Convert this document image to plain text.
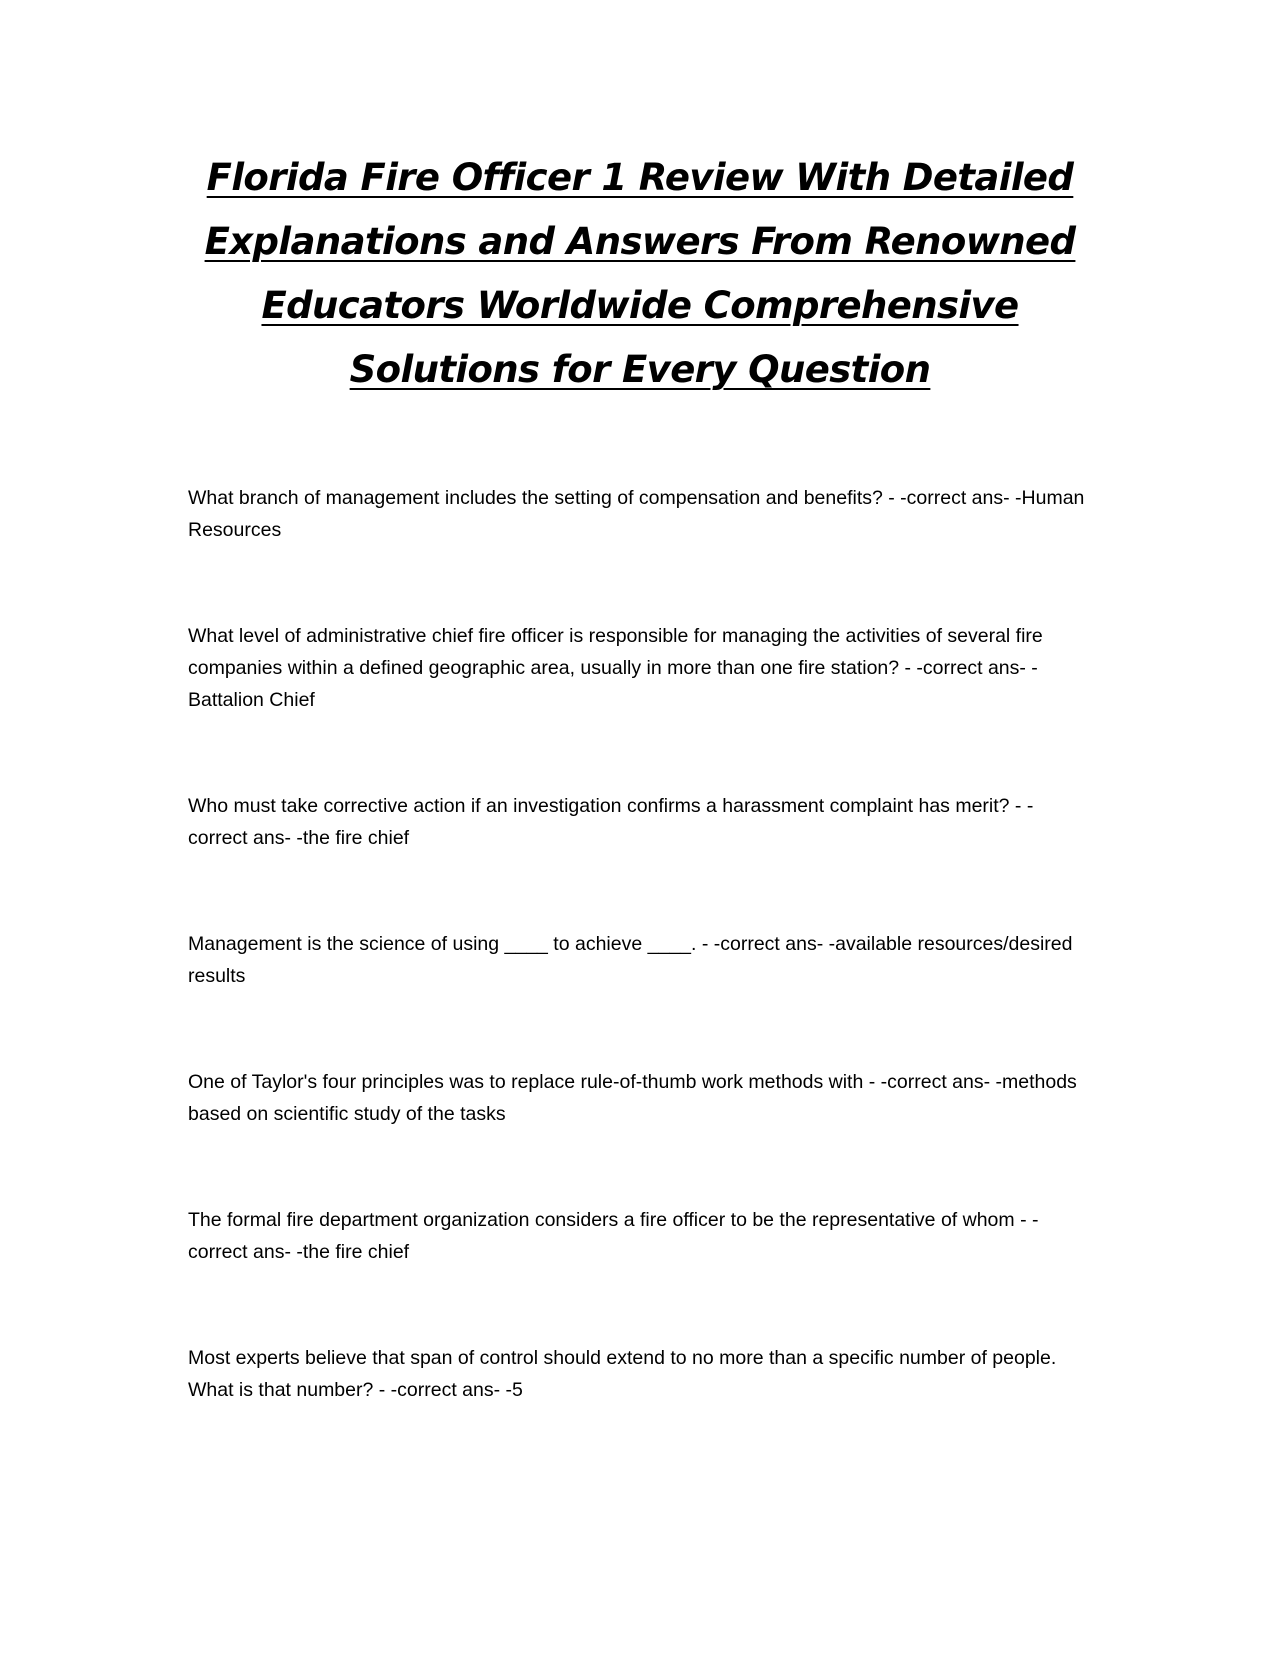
Florida Fire Officer 1 Review With Detailed Explanations and Answers From Renowned Educators Worldwide Comprehensive Solutions for Every Question

What branch of management includes the setting of compensation and benefits? - -correct ans- -Human Resources

What level of administrative chief fire officer is responsible for managing the activities of several fire companies within a defined geographic area, usually in more than one fire station? - -correct ans- -Battalion Chief

Who must take corrective action if an investigation confirms a harassment complaint has merit? - -correct ans- -the fire chief

Management is the science of using ____ to achieve ____. - -correct ans- -available resources/desired results

One of Taylor's four principles was to replace rule-of-thumb work methods with - -correct ans- -methods based on scientific study of the tasks

The formal fire department organization considers a fire officer to be the representative of whom - -correct ans- -the fire chief

Most experts believe that span of control should extend to no more than a specific number of people. What is that number? - -correct ans- -5
